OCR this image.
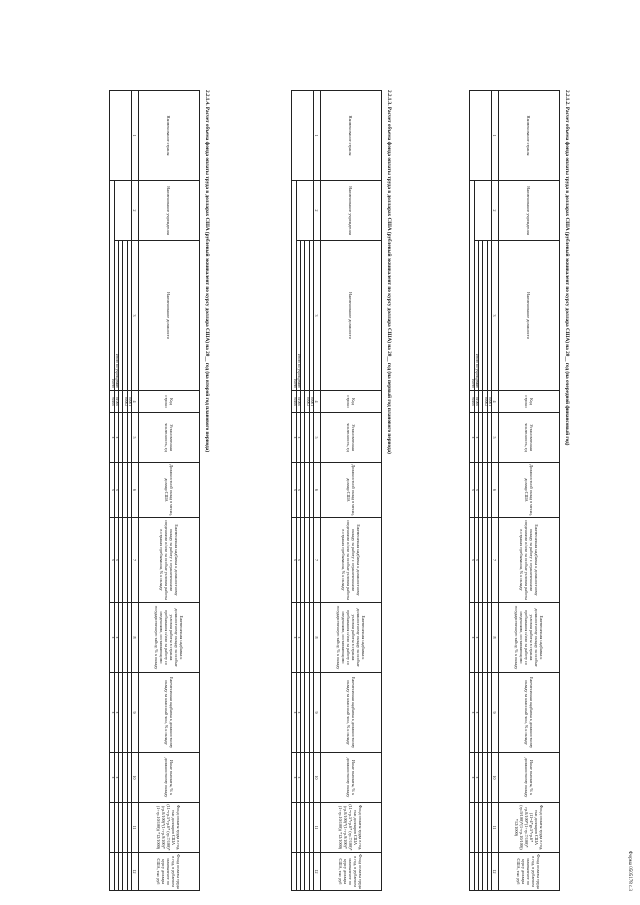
Форма 0505178 с.3
2.2.1.2. Расчет объема фонда оплаты труда в долларах США (рублевый эквивалент по курсу доллара США) на 20__ год (на очередной финансовый год)
Наименование страны	Наименование учреждения	Наименование должности	Код строки	Установленная численность, ед	Должностной оклад в месяц, доллар США	Ежемесячная надбавка к должностному окладу за работу с ограниченными сведениями и/или за особые условия работы в странах пребывания, % к окладу	Ежемесячная надбавка к должностному окладу за особые условия работы в странах пребывания и/или за работу со сведениями, составляющими государственную тайну, % к окладу	Ежемесячная надбавка к должностному окладу за классный чин, % к окладу	Иные выплаты, % к должностному окладу	Фонд оплаты труда в год, тыс долларов США (11=4*gr.5*гр.6* гр.8/100*(1+гр.7/100)*(гр.9/100)*(1+гр.10/100)) *12/1000)	Фонд оплаты труда в год, в рублевом эквиваленте по курсу доллара США, тыс руб
1	2	3	4	5	6	7	8	9	10	11	12
			00001								
			00002								

		Итого по учреждению	01000	x	x	x	x	x	x		
	Всего		90100	x	x	x	x	x	x		
2.2.1.3. Расчет объема фонда оплаты труда в долларах США (рублевый эквивалент по курсу доллара США) на 20__ год (на первый год планового периода)
Наименование страны	Наименование учреждения	Наименование должности	Код строки	Установленная численность, ед	Должностной оклад в месяц, доллар США	Ежемесячная надбавка к должностному окладу за работу с ограниченными сведениями и/или за особые условия работы в странах пребывания, % к окладу	Ежемесячная надбавка к должностному окладу за особые условия работы в странах пребывания и/или за работу со сведениями, составляющими государственную тайну, % к окладу	Ежемесячная надбавка к должностному окладу за классный чин, % к окладу	Иные выплаты, % к должностному окладу	Фонд оплаты труда в год, тыс долларов США (11=гр.5*гр.6* (гр.7/100)*(гр.8/100)*(1+гр.9/100)*(1+гр.10/100)) *12/1000)	Фонд оплаты труда в год, в рублевом эквиваленте по курсу доллара США, тыс руб
1	2	3	4	5	6	7	8	9	10	11	12
			00001								
			00002								

		Итого по учреждению	01000	x	x	x	x	x	x		
	Всего		90100	x	x	x	x	x	x		
2.2.1.4. Расчет объема фонда оплаты труда в долларах США (рублевый эквивалент по курсу доллара США) на 20__ год (на второй год планового периода)
Наименование страны	Наименование учреждения	Наименование должности	Код строки	Установленная численность, ед	Должностной оклад в месяц, доллар США	Ежемесячная надбавка к должностному окладу за работу с ограниченными сведениями и/или за особые условия работы в странах пребывания, % к окладу	Ежемесячная надбавка к должностному окладу за особые условия работы в странах пребывания и/или за работу со сведениями, составляющими государственную тайну, % к окладу	Ежемесячная надбавка к должностному окладу за классный чин, % к окладу	Иные выплаты, % к должностному окладу	Фонд оплаты труда в год, тыс долларов США (11=гр.5*гр.6* (гр.7/100)*(гр.8/100)*(1+гр.9/100)*(1+гр.10/100)) *12/1000)	Фонд оплаты труда в год, в рублевом эквиваленте по курсу доллара США, тыс руб
1	2	3	4	5	6	7	8	9	10	11	12
			00001								
			00002								

		Итого по учреждению	01000	x	x	x	x	x	x		
	Всего		90100	x	x	x	x	x	x		
